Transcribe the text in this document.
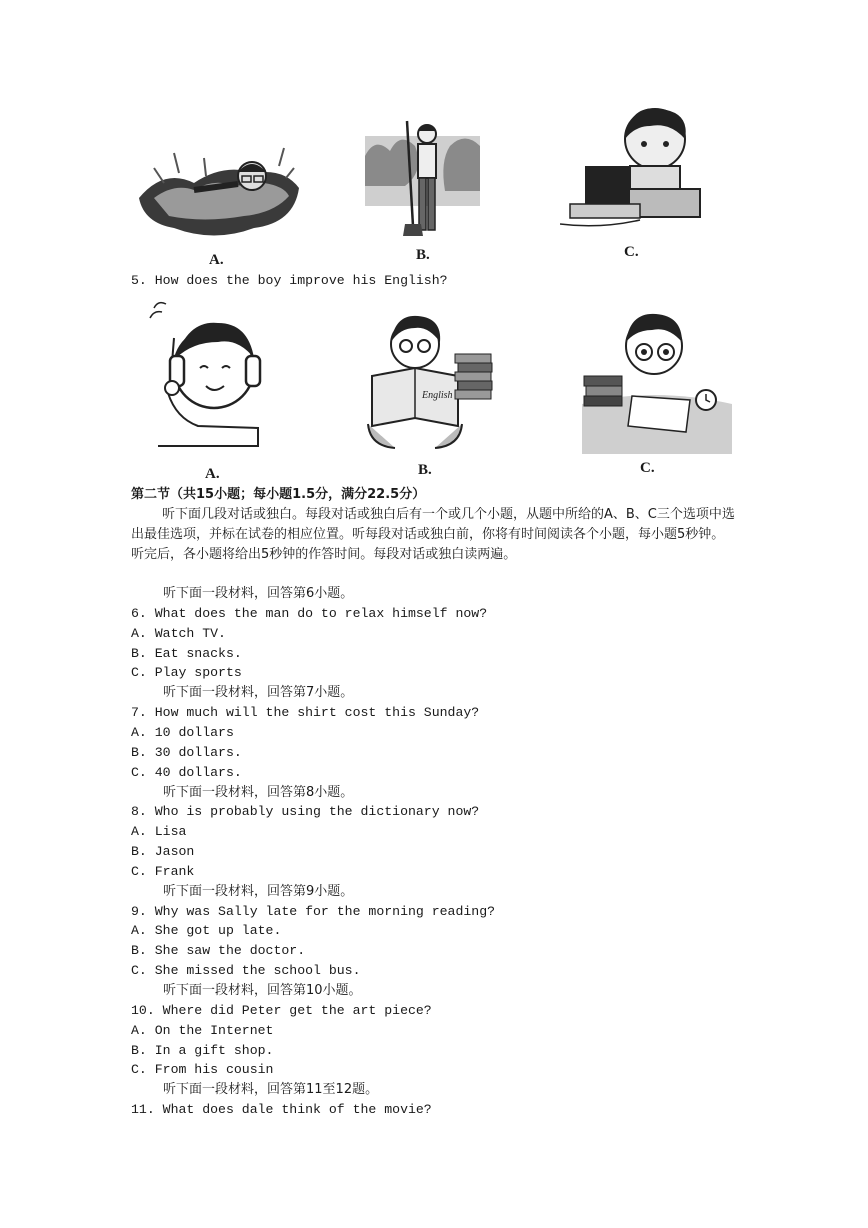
A.	B.	C.
5. How does the boy improve his English?
A.
English
B.	C.
第二节（共15小题；每小题1.5分，满分22.5分）
听下面几段对话或独白。每段对话或独白后有一个或几个小题，从题中所给的A、B、C三个选项中选出最佳选项，并标在试卷的相应位置。听每段对话或独白前，你将有时间阅读各个小题，每小题5秒钟。听完后，各小题将给出5秒钟的作答时间。每段对话或独白读两遍。
听下面一段材料，回答第6小题。
6. What does the man do to relax himself now?
A. Watch TV.
B. Eat snacks.
C. Play sports
听下面一段材料，回答第7小题。
7. How much will the shirt cost this Sunday?
A. 10 dollars
B. 30 dollars.
C. 40 dollars.
听下面一段材料，回答第8小题。
8. Who is probably using the dictionary now?
A. Lisa
B. Jason
C. Frank
听下面一段材料，回答第9小题。
9. Why was Sally late for the morning reading?
A. She got up late.
B. She saw the doctor.
C. She missed the school bus.
听下面一段材料，回答第10小题。
10. Where did Peter get the art piece?
A. On the Internet
B. In a gift shop.
C. From his cousin
听下面一段材料，回答第11至12题。
11. What does dale think of the movie?
